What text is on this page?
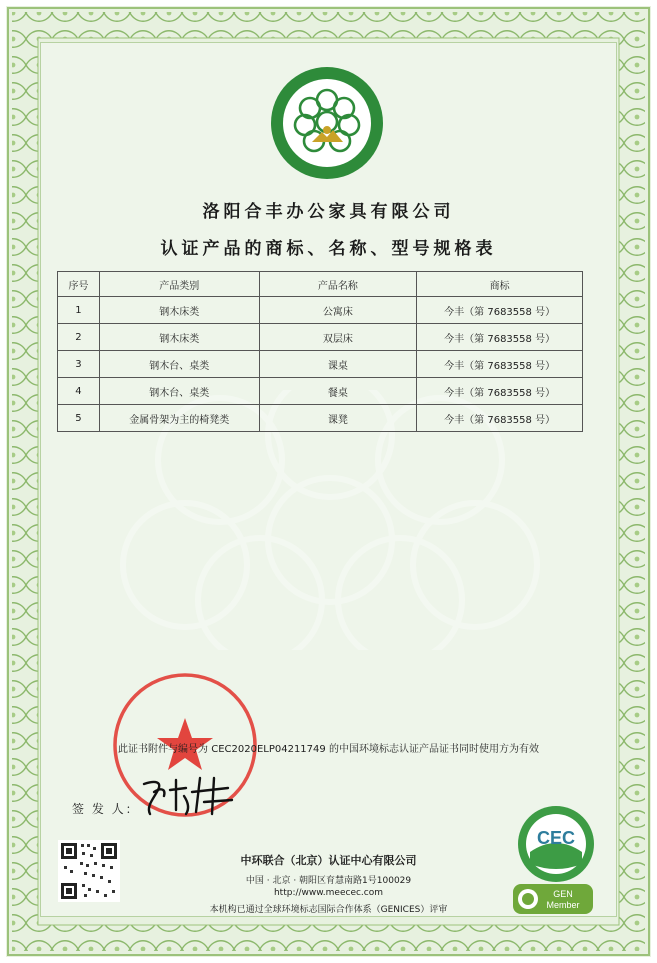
洛阳合丰办公家具有限公司
认证产品的商标、名称、型号规格表
序号	产品类别	产品名称	商标
1	钢木床类	公寓床	今丰（第 7683558 号）
2	钢木床类	双层床	今丰（第 7683558 号）
3	钢木台、桌类	课桌	今丰（第 7683558 号）
4	钢木台、桌类	餐桌	今丰（第 7683558 号）
5	金属骨架为主的椅凳类	课凳	今丰（第 7683558 号）
此证书附件与编号为 CEC2020ELP04211749 的中国环境标志认证产品证书同时使用方为有效
签 发 人：
中环联合（北京）认证中心有限公司
中国 · 北京 · 朝阳区育慧南路1号100029
http://www.meecec.com
本机构已通过全球环境标志国际合作体系（GENICES）评审
CEC
GEN
Member
